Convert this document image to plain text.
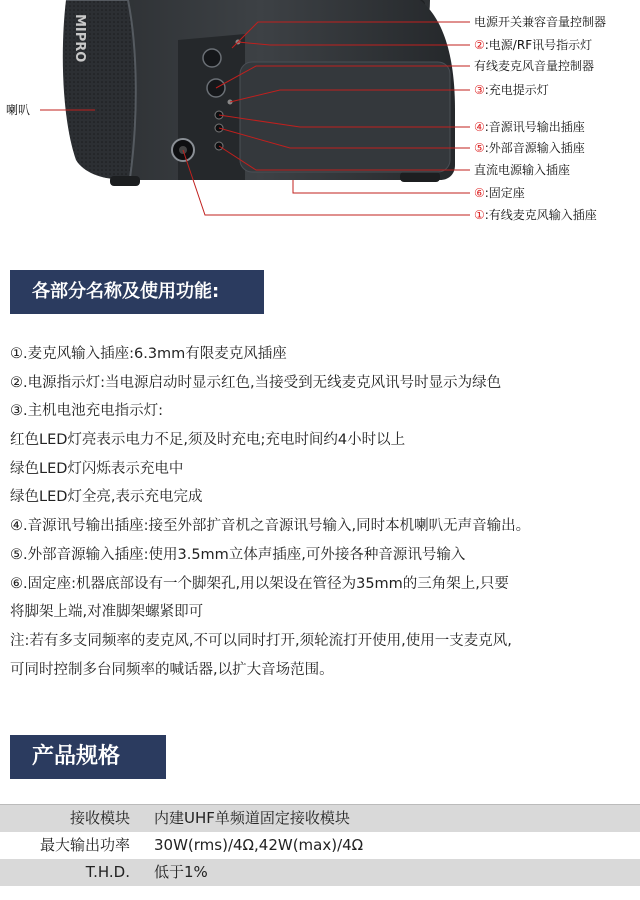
MIPRO
喇叭
电源开关兼容音量控制器
②:电源/RF讯号指示灯
有线麦克风音量控制器
③:充电提示灯
④:音源讯号输出插座
⑤:外部音源输入插座
直流电源输入插座
⑥:固定座
①:有线麦克风输入插座
各部分名称及使用功能:
①.麦克风输入插座:6.3mm有限麦克风插座
②.电源指示灯:当电源启动时显示红色,当接受到无线麦克风讯号时显示为绿色
③.主机电池充电指示灯:
红色LED灯亮表示电力不足,须及时充电;充电时间约4小时以上
绿色LED灯闪烁表示充电中
绿色LED灯全亮,表示充电完成
④.音源讯号输出插座:接至外部扩音机之音源讯号输入,同时本机喇叭无声音输出。
⑤.外部音源输入插座:使用3.5mm立体声插座,可外接各种音源讯号输入
⑥.固定座:机器底部设有一个脚架孔,用以架设在管径为35mm的三角架上,只要
将脚架上端,对准脚架螺紧即可
注:若有多支同频率的麦克风,不可以同时打开,须轮流打开使用,使用一支麦克风,
可同时控制多台同频率的喊话器,以扩大音场范围。
产品规格
接收模块	内建UHF单频道固定接收模块
最大输出功率	30W(rms)/4Ω,42W(max)/4Ω
T.H.D.	低于1%
